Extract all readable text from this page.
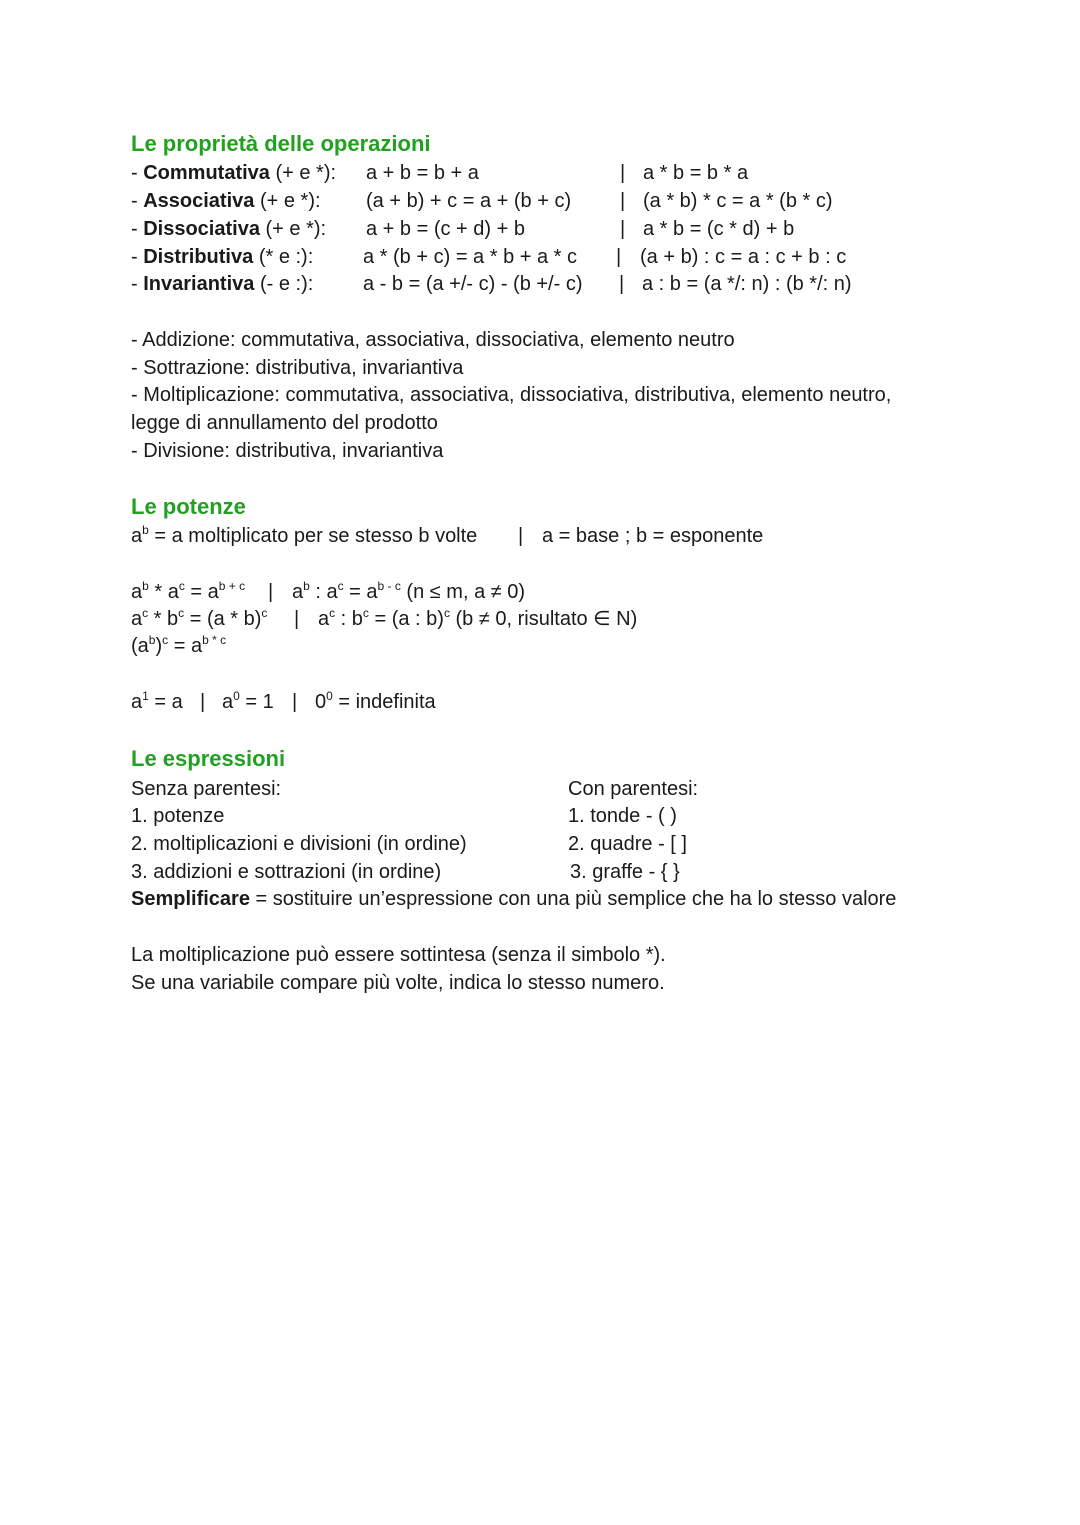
Le proprietà delle operazioni
- Commutativa (+ e *): a + b = b + a	| a * b = b * a
- Associativa (+ e *): (a + b) + c = a + (b + c) | (a * b) * c = a * (b * c)
- Dissociativa (+ e *): a + b = (c + d) + b	| a * b = (c * d) + b
- Distributiva (* e :): a * (b + c) = a * b + a * c | (a + b) : c = a : c + b : c
- Invariantiva (- e :): a - b = (a +/- c) - (b +/- c) | a : b = (a */: n) : (b */: n)
- Addizione: commutativa, associativa, dissociativa, elemento neutro
- Sottrazione: distributiva, invariantiva
- Moltiplicazione: commutativa, associativa, dissociativa, distributiva, elemento neutro,
legge di annullamento del prodotto
- Divisione: distributiva, invariantiva
Le potenze
$a^b = a$ moltiplicato per se stesso b volte | a = base ; b = esponente
$a^b * a^c = a^{b + c}$ | $a^b$ : $a^c = a^{b - c}$ (n ≤ m, a ≠ 0)
$a^c * b^c = (a * b)^c$ | $a^c$ : $b^c = (a$ : b)$^c$ (b ≠ 0, risultato ∈ N)
$(a^b)^c = a^{b * c}$
$a^1 = a$ | $a^0 = 1$ | $0^0$ = indefinita
Le espressioni
Senza parentesi:	Con parentesi:
1. potenze	1. tonde - ( )
2. moltiplicazioni e divisioni (in ordine)	2. quadre - [ ]
3. addizioni e sottrazioni (in ordine)	3. graffe - { }
Semplificare = sostituire un’espressione con una più semplice che ha lo stesso valore
La moltiplicazione può essere sottintesa (senza il simbolo *).
Se una variabile compare più volte, indica lo stesso numero.
